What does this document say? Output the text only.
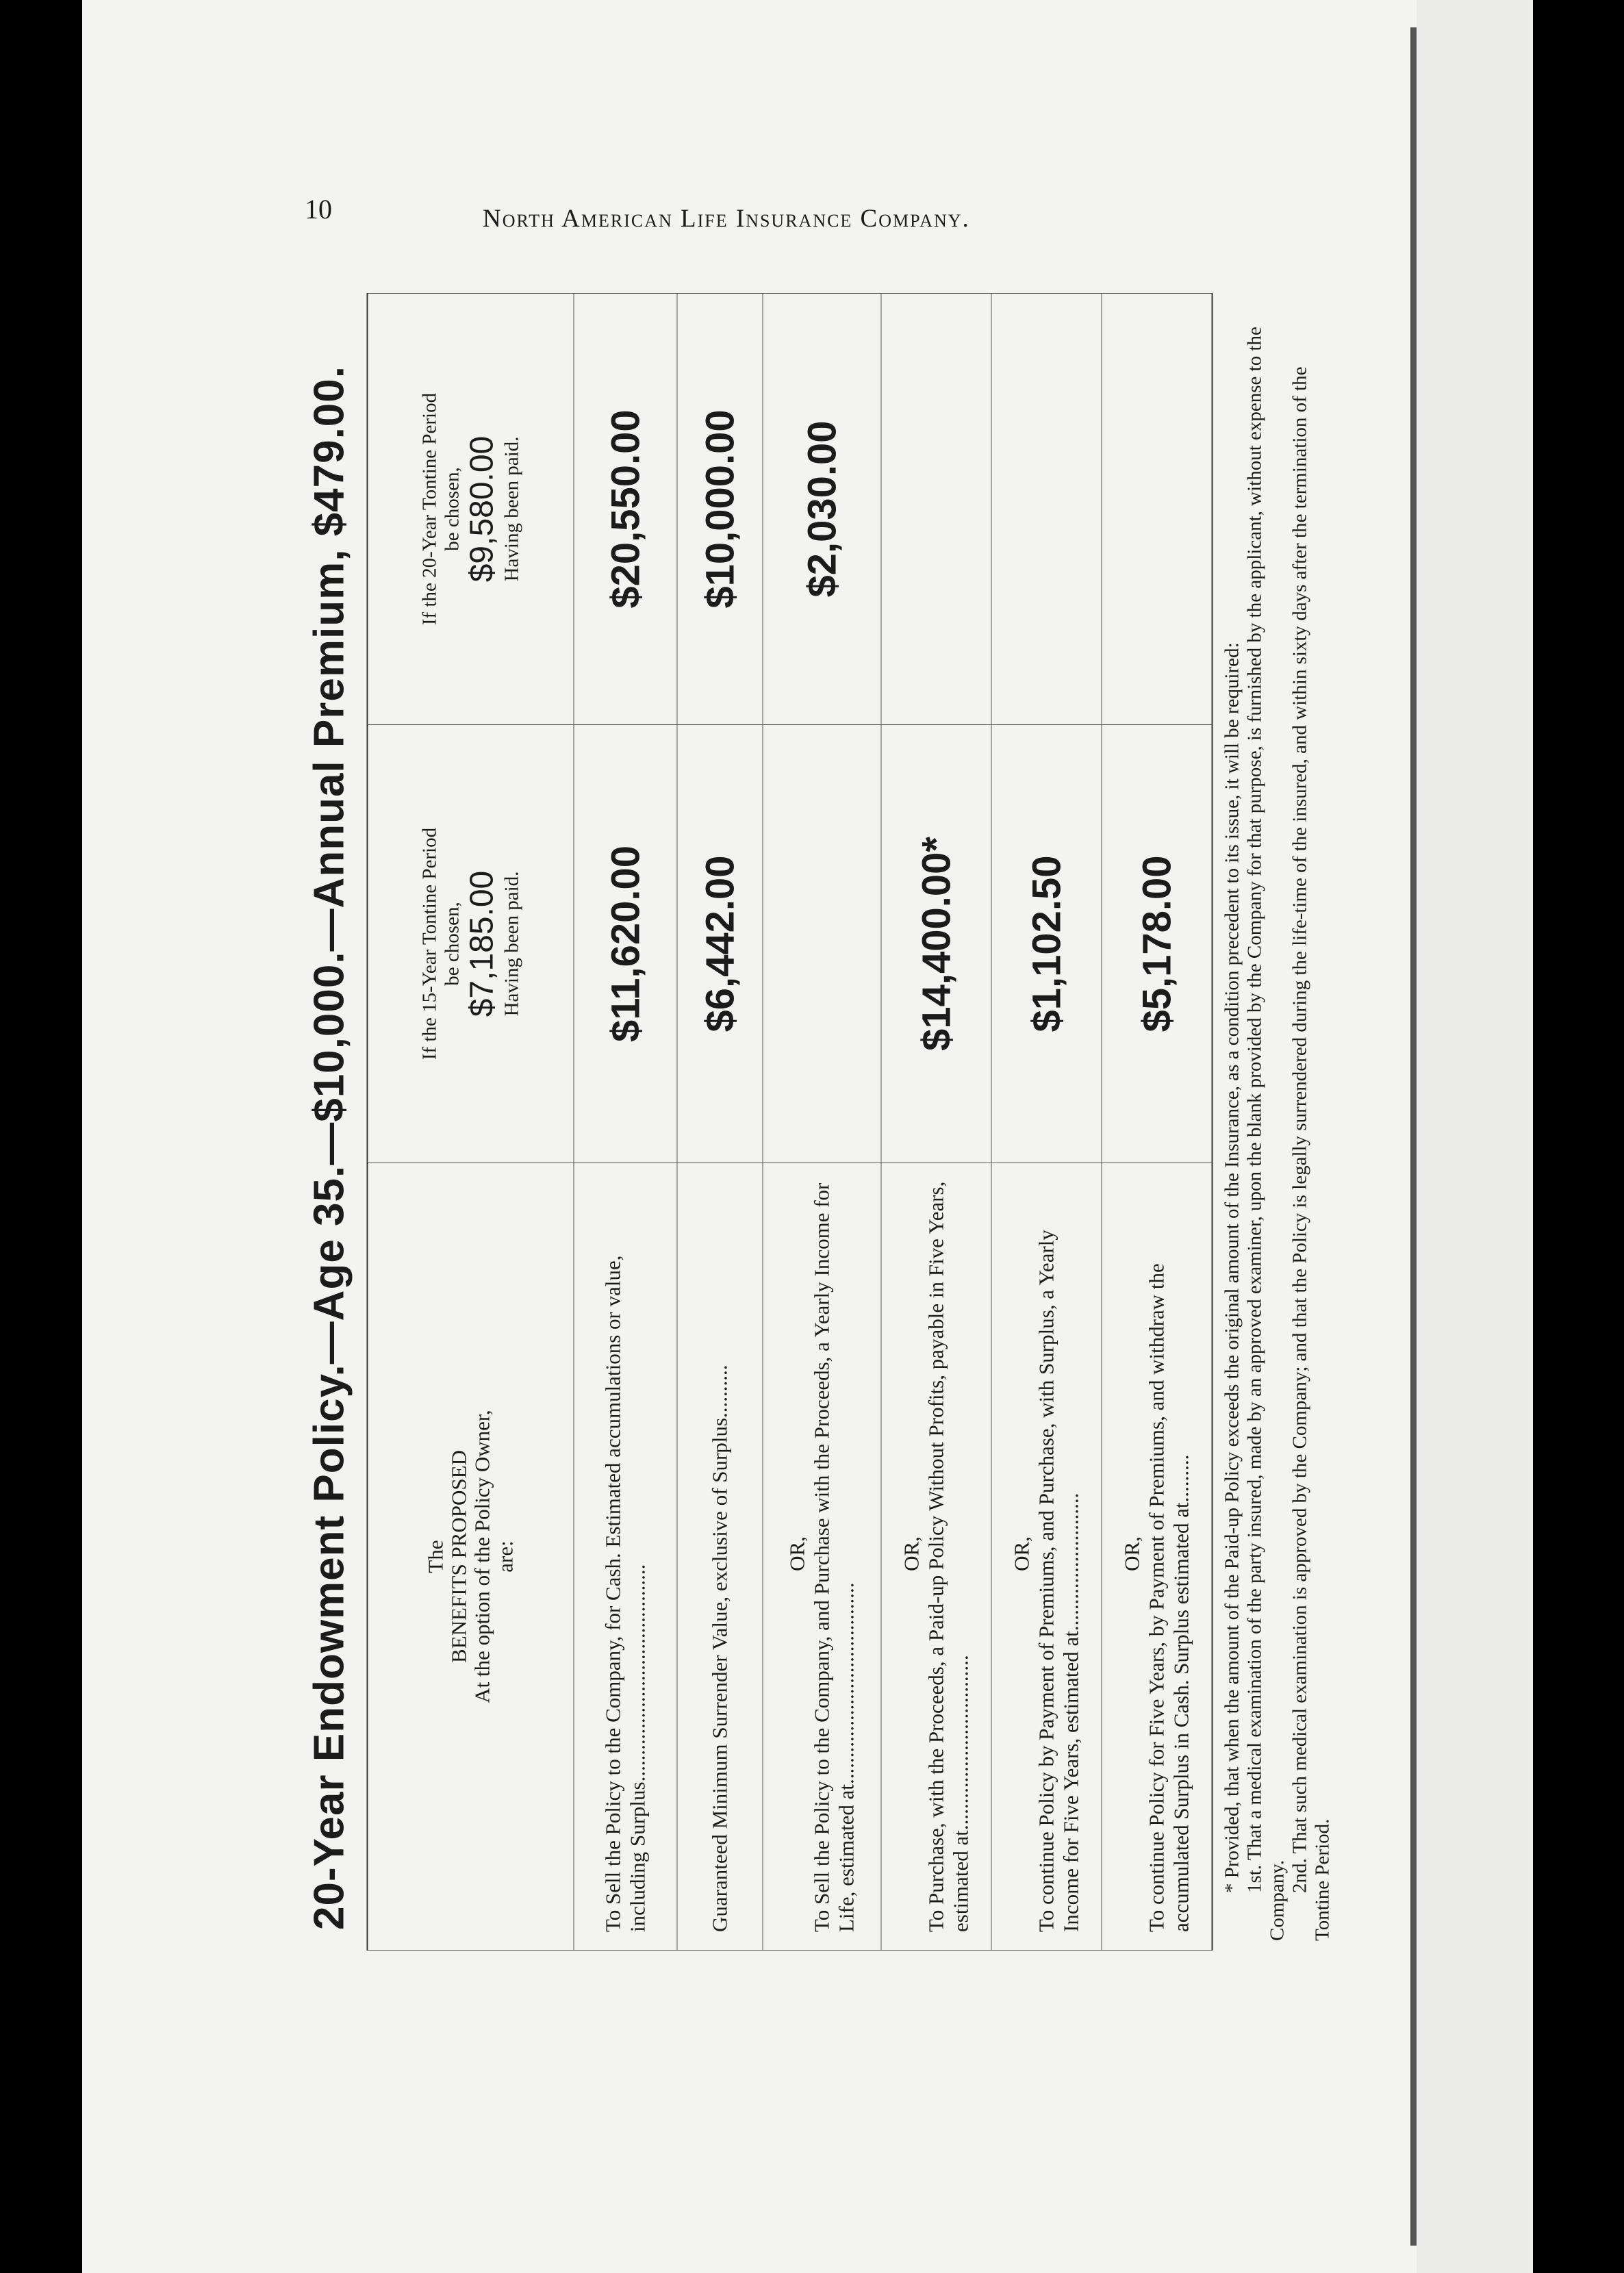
10	North American Life Insurance Company.
20-Year Endowment Policy.—Age 35.—$10,000.—Annual Premium, $479.00.	The BENEFITS PROPOSED At the option of the Policy Owner, are:	If the 15-Year Tontine Period be chosen, $7,185.00 Having been paid.	If the 20-Year Tontine Period be chosen, $9,580.00 Having been paid.

To Sell the Policy to the Company, for Cash. Estimated accumulations or value, including Surplus.........................................	$11,620.00	$20,550.00
Guaranteed Minimum Surrender Value, exclusive of Surplus..........	$6,442.00	$10,000.00

OR, To Sell the Policy to the Company, and Purchase with the Proceeds, a Yearly Income for Life, estimated at......................................		$2,030.00

OR, To Purchase, with the Proceeds, a Paid-up Policy Without Profits, payable in Five Years, estimated at.................................	$14,400.00*	

OR, To continue Policy by Payment of Premiums, and Purchase, with Surplus, a Yearly Income for Five Years, estimated at..........................	$1,102.50	

OR, To continue Policy for Five Years, by Payment of Premiums, and withdraw the accumulated Surplus in Cash. Surplus estimated at.........	$5,178.00	* Provided, that when the amount of the Paid-up Policy exceeds the original amount of the Insurance, as a condition precedent to its issue, it will be required: 1st. That a medical examination of the party insured, made by an approved examiner, upon the blank provided by the Company for that purpose, is furnished by the applicant, without expense to the Company.

2nd. That such medical examination is approved by the Company; and that the Policy is legally surrendered during the life-time of the insured, and within sixty days after the termination of the Tontine Period.
